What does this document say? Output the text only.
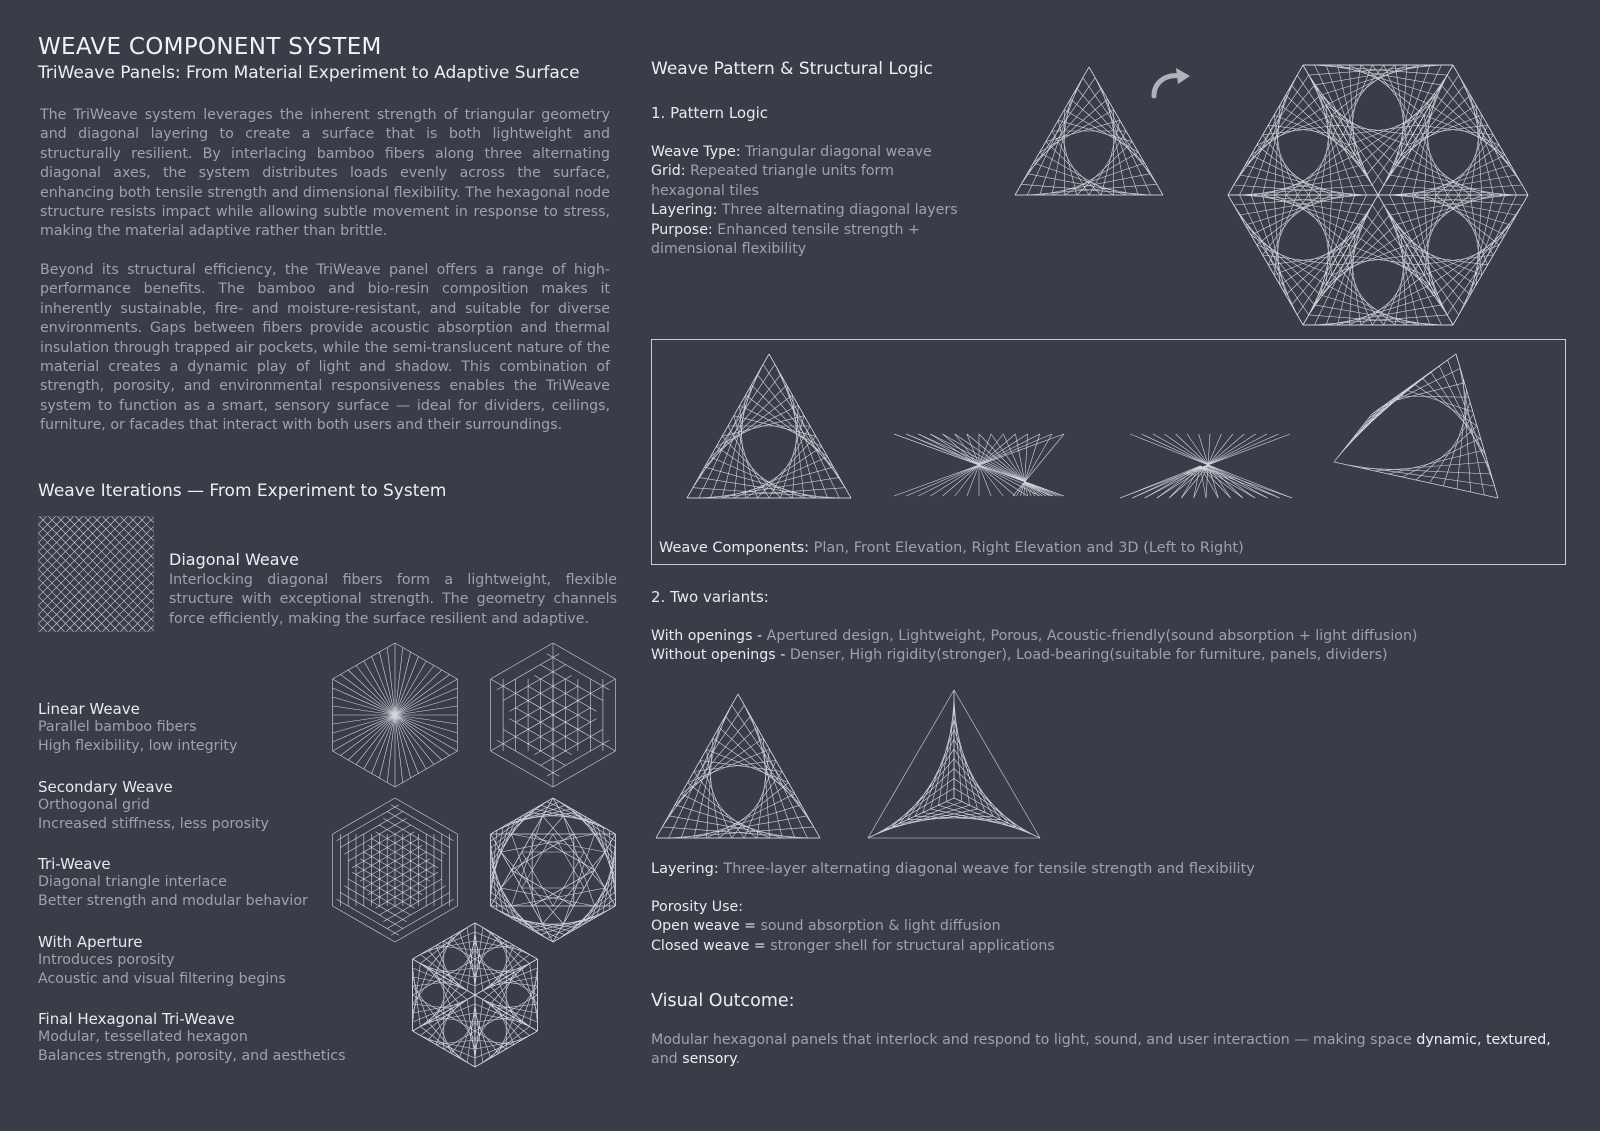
WEAVE COMPONENT SYSTEM
TriWeave Panels: From Material Experiment to Adaptive Surface
The TriWeave system leverages the inherent strength of triangular geometry and diagonal layering to create a surface that is both lightweight and structurally resilient. By interlacing bamboo fibers along three alternating diagonal axes, the system distributes loads evenly across the surface, enhancing both tensile strength and dimensional flexibility. The hexagonal node structure resists impact while allowing subtle movement in response to stress, making the material adaptive rather than brittle.
Beyond its structural efficiency, the TriWeave panel offers a range of high-performance benefits. The bamboo and bio-resin composition makes it inherently sustainable, fire- and moisture-resistant, and suitable for diverse environments. Gaps between fibers provide acoustic absorption and thermal insulation through trapped air pockets, while the semi-translucent nature of the material creates a dynamic play of light and shadow. This combination of strength, porosity, and environmental responsiveness enables the TriWeave system to function as a smart, sensory surface — ideal for dividers, ceilings, furniture, or facades that interact with both users and their surroundings.
Weave Iterations — From Experiment to System
Diagonal Weave
Interlocking diagonal fibers form a lightweight, flexible structure with exceptional strength. The geometry channels force efficiently, making the surface resilient and adaptive.
Linear Weave
Parallel bamboo fibers
High flexibility, low integrity
Secondary Weave
Orthogonal grid
Increased stiffness, less porosity
Tri-Weave
Diagonal triangle interlace
Better strength and modular behavior
With Aperture
Introduces porosity
Acoustic and visual filtering begins
Final Hexagonal Tri-Weave
Modular, tessellated hexagon
Balances strength, porosity, and aesthetics
Weave Pattern & Structural Logic
1. Pattern Logic
Weave Type: Triangular diagonal weave
Grid: Repeated triangle units form hexagonal tiles
Layering: Three alternating diagonal layers
Purpose: Enhanced tensile strength + dimensional flexibility
Weave Components: Plan, Front Elevation, Right Elevation and 3D (Left to Right)
2. Two variants:
With openings - Apertured design, Lightweight, Porous, Acoustic-friendly(sound absorption + light diffusion)
Without openings - Denser, High rigidity(stronger), Load-bearing(suitable for furniture, panels, dividers)
Layering: Three-layer alternating diagonal weave for tensile strength and flexibility
Porosity Use:
Open weave = sound absorption & light diffusion
Closed weave = stronger shell for structural applications
Visual Outcome:
Modular hexagonal panels that interlock and respond to light, sound, and user interaction — making space dynamic, textured, and sensory.
